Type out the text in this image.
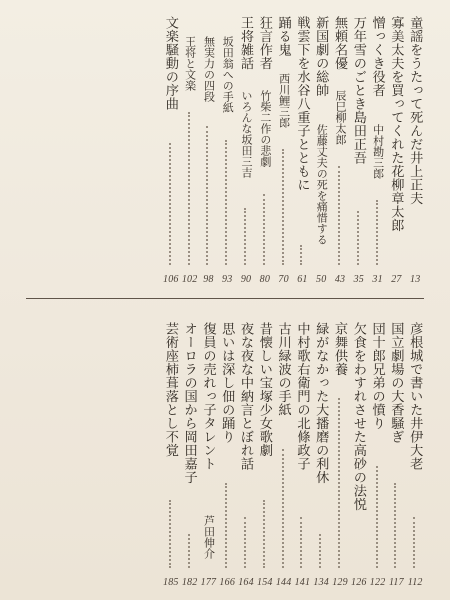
童謡をうたって死んだ井上正夫
13
寡美太夫を買ってくれた花柳章太郎
27
憎っくき役者
中村勘三郎
31
万年雪のごとき島田正吾
35
無頼名優
辰巳柳太郎
43
新国劇の総帥
佐藤丈夫の死を痛惜する
50
戦雲下を水谷八重子とともに
61
踊る鬼
西川鯉三郎
70
狂言作者
竹柴二作の悲劇
80
王将雑話
いろんな坂田三吉
90
坂田翁への手紙
93
無実力の四段
98
王将と文楽
102
文楽騒動の序曲
106
彦根城で書いた井伊大老
112
国立劇場の大香騒ぎ
117
団十郎兄弟の憤り
122
欠食をわすれさせた高砂の法悦
126
京舞供養
129
緑がなかった大播磨の利休
134
中村歌右衛門の北條政子
141
古川緑波の手紙
144
昔懐しい宝塚少女歌劇
154
夜な夜な中納言とぼれ話
164
思いは深し佃の踊り
166
復員の売れっ子タレント
芦田伸介
177
オーロラの国から岡田嘉子
182
芸術座柿葺落とし不覚
185
